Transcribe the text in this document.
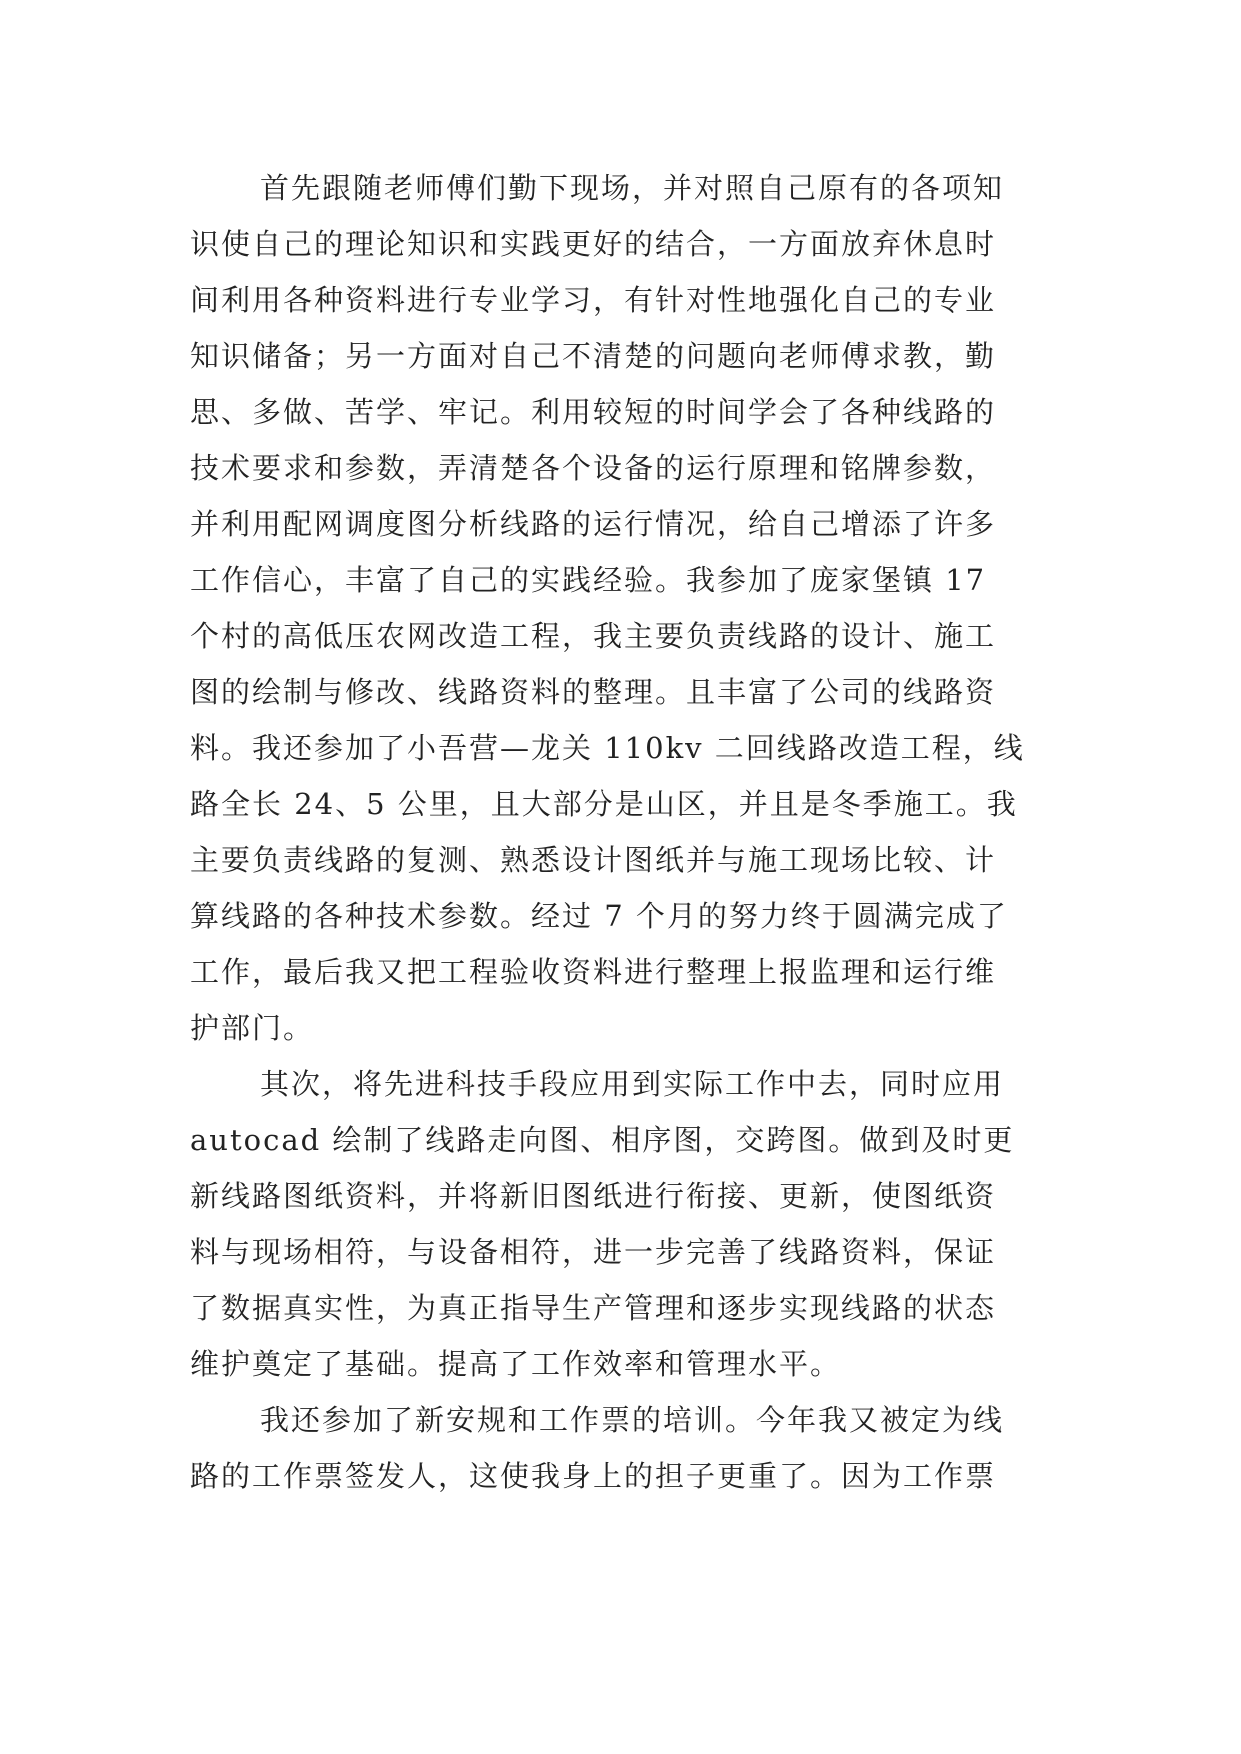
首先跟随老师傅们勤下现场，并对照自己原有的各项知
识使自己的理论知识和实践更好的结合，一方面放弃休息时
间利用各种资料进行专业学习，有针对性地强化自己的专业
知识储备；另一方面对自己不清楚的问题向老师傅求教，勤
思、多做、苦学、牢记。利用较短的时间学会了各种线路的
技术要求和参数，弄清楚各个设备的运行原理和铭牌参数，
并利用配网调度图分析线路的运行情况，给自己增添了许多
工作信心，丰富了自己的实践经验。我参加了庞家堡镇 17
个村的高低压农网改造工程，我主要负责线路的设计、施工
图的绘制与修改、线路资料的整理。且丰富了公司的线路资
料。我还参加了小吾营—龙关 110kv 二回线路改造工程，线
路全长 24、5 公里，且大部分是山区，并且是冬季施工。我
主要负责线路的复测、熟悉设计图纸并与施工现场比较、计
算线路的各种技术参数。经过 7 个月的努力终于圆满完成了
工作，最后我又把工程验收资料进行整理上报监理和运行维
护部门。
其次，将先进科技手段应用到实际工作中去，同时应用
autocad 绘制了线路走向图、相序图，交跨图。做到及时更
新线路图纸资料，并将新旧图纸进行衔接、更新，使图纸资
料与现场相符，与设备相符，进一步完善了线路资料，保证
了数据真实性，为真正指导生产管理和逐步实现线路的状态
维护奠定了基础。提高了工作效率和管理水平。
我还参加了新安规和工作票的培训。今年我又被定为线
路的工作票签发人，这使我身上的担子更重了。因为工作票
